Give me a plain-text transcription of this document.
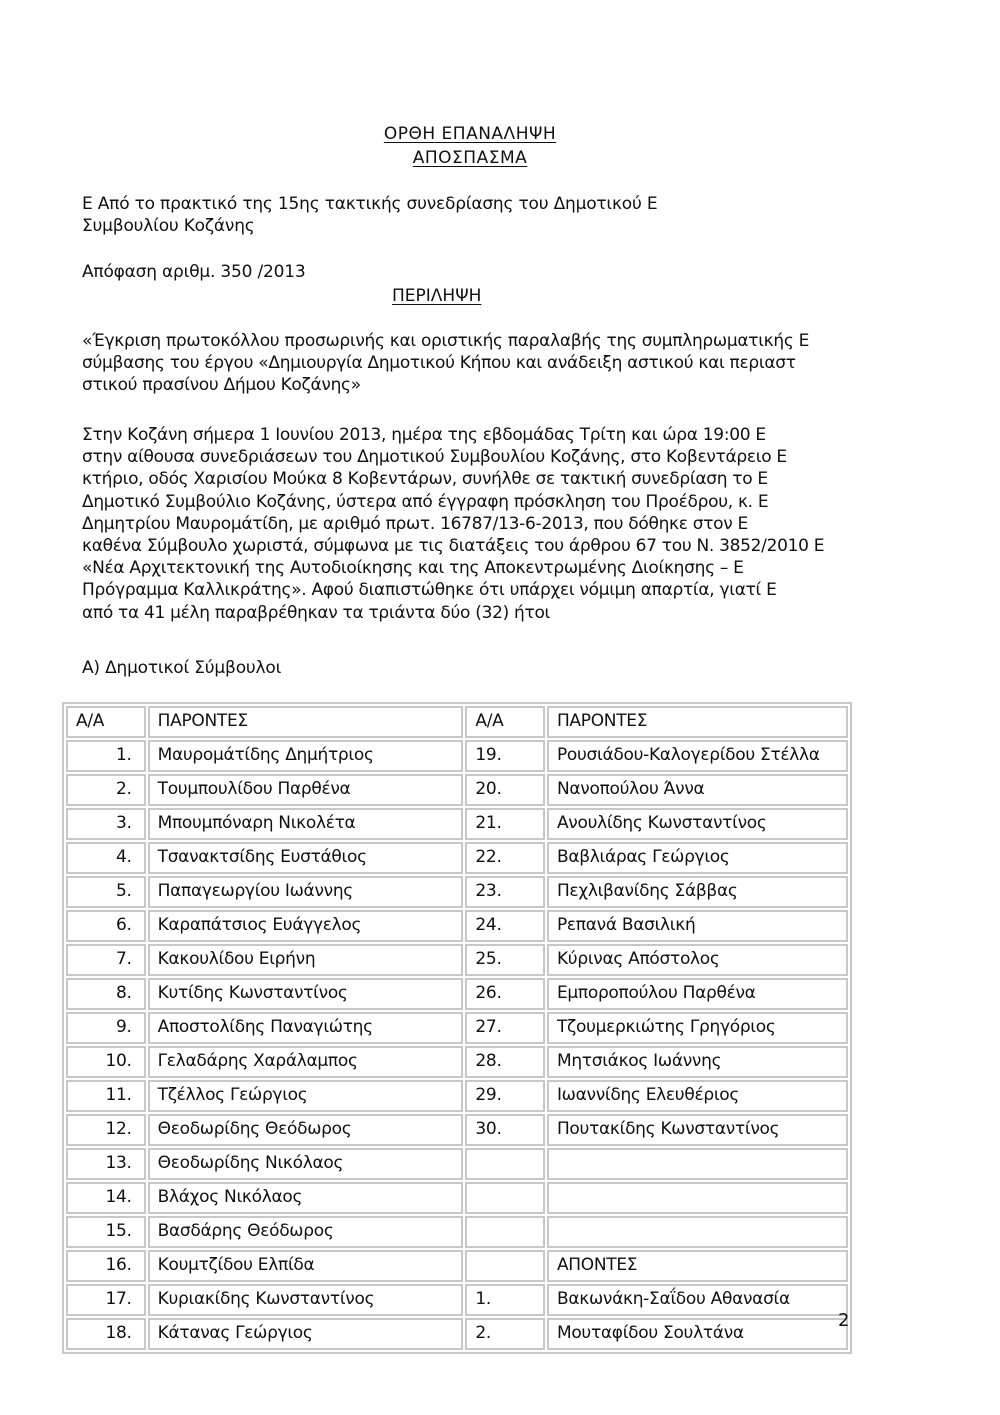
ΟΡΘΗ ΕΠΑΝΑΛΗΨΗ
ΑΠΟΣΠΑΣΜΑ
Ε Από το πρακτικό της 15ης τακτικής συνεδρίασης του Δημοτικού Ε
Συμβουλίου Κοζάνης
Απόφαση αριθμ. 350 /2013
ΠΕΡΙΛΗΨΗ
«Έγκριση πρωτοκόλλου προσωρινής και οριστικής παραλαβής της συμπληρωματικής Ε
σύμβασης του έργου «Δημιουργία Δημοτικού Κήπου και ανάδειξη αστικού και περιαστ
στικού πρασίνου Δήμου Κοζάνης»
Στην Κοζάνη σήμερα 1 Ιουνίου 2013, ημέρα της εβδομάδας Τρίτη και ώρα 19:00 Ε
στην αίθουσα συνεδριάσεων του Δημοτικού Συμβουλίου Κοζάνης, στο Κοβεντάρειο Ε
κτήριο, οδός Χαρισίου Μούκα 8 Κοβεντάρων, συνήλθε σε τακτική συνεδρίαση το Ε
Δημοτικό Συμβούλιο Κοζάνης, ύστερα από έγγραφη πρόσκληση του Προέδρου, κ. Ε
Δημητρίου Μαυρομάτίδη, με αριθμό πρωτ. 16787/13-6-2013, που δόθηκε στον Ε
καθένα Σύμβουλο χωριστά, σύμφωνα με τις διατάξεις του άρθρου 67 του Ν. 3852/2010 Ε
«Νέα Αρχιτεκτονική της Αυτοδιοίκησης και της Αποκεντρωμένης Διοίκησης – Ε
Πρόγραμμα Καλλικράτης». Αφού διαπιστώθηκε ότι υπάρχει νόμιμη απαρτία, γιατί Ε
από τα 41 μέλη παραβρέθηκαν τα τριάντα δύο (32) ήτοι
Α) Δημοτικοί Σύμβουλοι
Α/Α	ΠΑΡΟΝΤΕΣ	Α/Α	ΠΑΡΟΝΤΕΣ
1.	Μαυρομάτίδης Δημήτριος	19.	Ρουσιάδου-Καλογερίδου Στέλλα
2.	Τουμπουλίδου Παρθένα	20.	Νανοπούλου Άννα
3.	Μπουμπόναρη Νικολέτα	21.	Ανουλίδης Κωνσταντίνος
4.	Τσανακτσίδης Ευστάθιος	22.	Βαβλιάρας Γεώργιος
5.	Παπαγεωργίου Ιωάννης	23.	Πεχλιβανίδης Σάββας
6.	Καραπάτσιος Ευάγγελος	24.	Ρεπανά Βασιλική
7.	Κακουλίδου Ειρήνη	25.	Κύρινας Απόστολος
8.	Κυτίδης Κωνσταντίνος	26.	Εμποροπούλου Παρθένα
9.	Αποστολίδης Παναγιώτης	27.	Τζουμερκιώτης Γρηγόριος
10.	Γελαδάρης Χαράλαμπος	28.	Μητσιάκος Ιωάννης
11.	Τζέλλος Γεώργιος	29.	Ιωαννίδης Ελευθέριος
12.	Θεοδωρίδης Θεόδωρος	30.	Πουτακίδης Κωνσταντίνος
13.	Θεοδωρίδης Νικόλαος		
14.	Βλάχος Νικόλαος		
15.	Βασδάρης Θεόδωρος		
16.	Κουμτζίδου Ελπίδα		ΑΠΟΝΤΕΣ
17.	Κυριακίδης Κωνσταντίνος	1.	Βακωνάκη-Σαΐδου Αθανασία
18.	Κάτανας Γεώργιος	2.	Μουταφίδου Σουλτάνα
2
